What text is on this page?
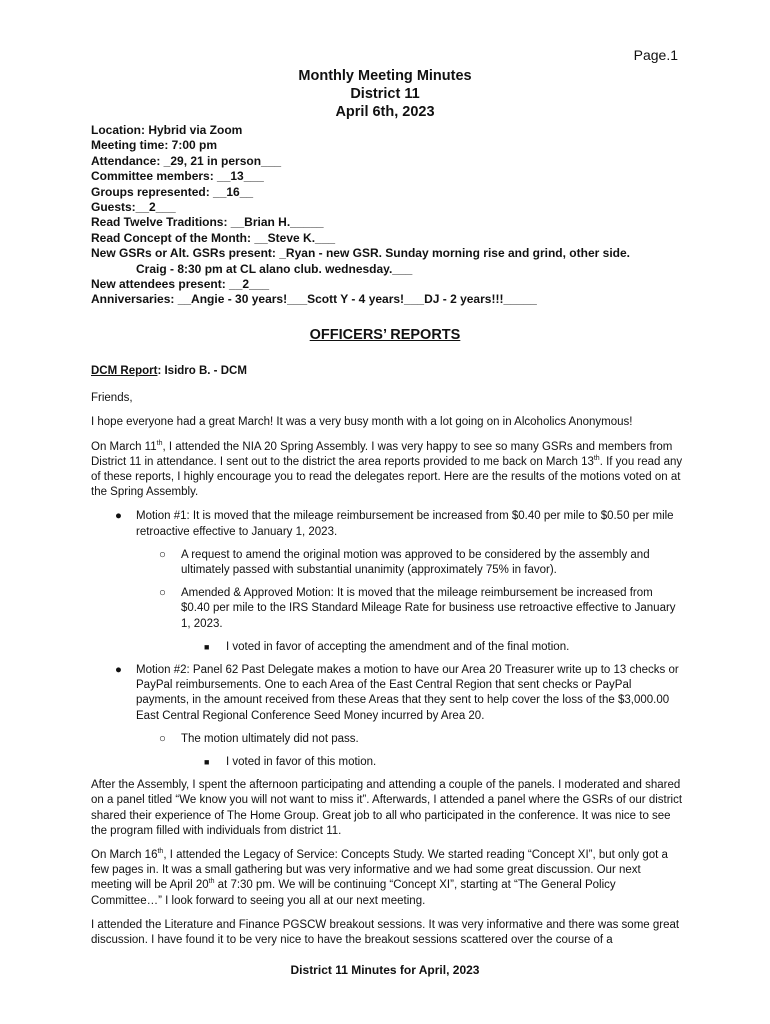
Page.1
Monthly Meeting Minutes
District 11
April 6th, 2023
Location: Hybrid via Zoom
Meeting time: 7:00 pm
Attendance: _29, 21 in person___
Committee members: __13___
Groups represented: __16__
Guests:__2___
Read Twelve Traditions: __Brian H._____
Read Concept of the Month: __Steve K.___
New GSRs or Alt. GSRs present: _Ryan - new GSR. Sunday morning rise and grind, other side.
Craig - 8:30 pm at CL alano club. wednesday.___
New attendees present: __2___
Anniversaries: __Angie - 30 years!___Scott Y - 4 years!___DJ - 2 years!!!_____
OFFICERS’ REPORTS

DCM Report: Isidro B. - DCM

Friends,

I hope everyone had a great March! It was a very busy month with a lot going on in Alcoholics Anonymous!

On March 11th, I attended the NIA 20 Spring Assembly. I was very happy to see so many GSRs and members from District 11 in attendance. I sent out to the district the area reports provided to me back on March 13th. If you read any of these reports, I highly encourage you to read the delegates report. Here are the results of the motions voted on at the Spring Assembly.

● Motion #1: It is moved that the mileage reimbursement be increased from $0.40 per mile to $0.50 per mile retroactive effective to January 1, 2023.
○ A request to amend the original motion was approved to be considered by the assembly and ultimately passed with substantial unanimity (approximately 75% in favor).
○ Amended & Approved Motion: It is moved that the mileage reimbursement be increased from $0.40 per mile to the IRS Standard Mileage Rate for business use retroactive effective to January 1, 2023.
■ I voted in favor of accepting the amendment and of the final motion.
● Motion #2: Panel 62 Past Delegate makes a motion to have our Area 20 Treasurer write up to 13 checks or PayPal reimbursements. One to each Area of the East Central Region that sent checks or PayPal payments, in the amount received from these Areas that they sent to help cover the loss of the $3,000.00 East Central Regional Conference Seed Money incurred by Area 20.
○ The motion ultimately did not pass.
■ I voted in favor of this motion.

After the Assembly, I spent the afternoon participating and attending a couple of the panels. I moderated and shared on a panel titled “We know you will not want to miss it”. Afterwards, I attended a panel where the GSRs of our district shared their experience of The Home Group. Great job to all who participated in the conference. It was nice to see the program filled with individuals from district 11.

On March 16th, I attended the Legacy of Service: Concepts Study. We started reading “Concept XI”, but only got a few pages in. It was a small gathering but was very informative and we had some great discussion. Our next meeting will be April 20th at 7:30 pm. We will be continuing “Concept XI”, starting at “The General Policy Committee…” I look forward to seeing you all at our next meeting.

I attended the Literature and Finance PGSCW breakout sessions. It was very informative and there was some great discussion. I have found it to be very nice to have the breakout sessions scattered over the course of a

District 11 Minutes for April, 2023
